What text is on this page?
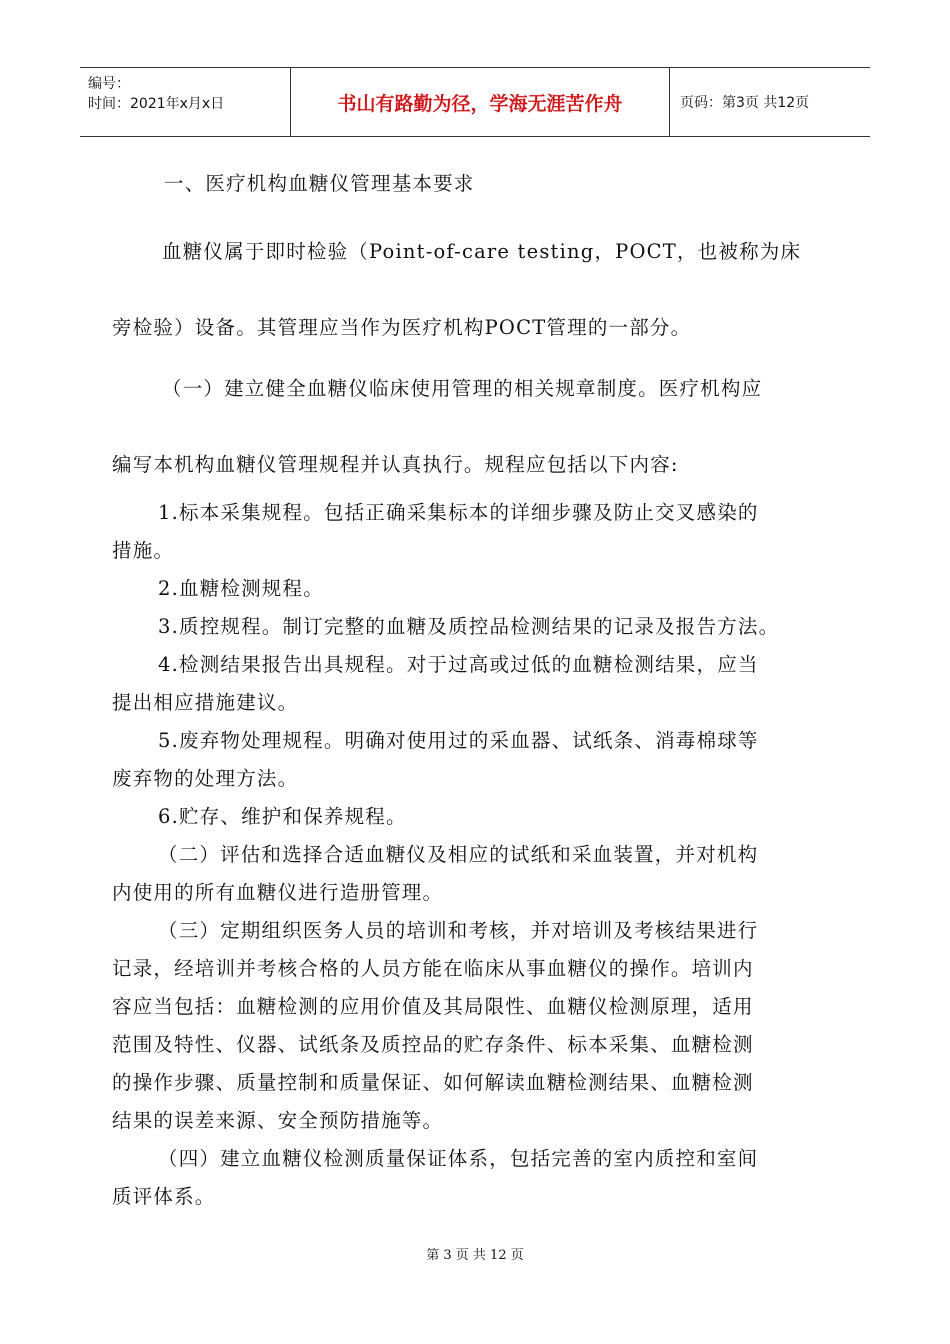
编号：
时间：2021年x月x日	书山有路勤为径，学海无涯苦作舟	页码：第3页 共12页

一、医疗机构血糖仪管理基本要求

血糖仪属于即时检验（Point-of-care testing，POCT，也被称为床

旁检验）设备。其管理应当作为医疗机构POCT管理的一部分。

（一）建立健全血糖仪临床使用管理的相关规章制度。医疗机构应

编写本机构血糖仪管理规程并认真执行。规程应包括以下内容:

1.标本采集规程。包括正确采集标本的详细步骤及防止交叉感染的

措施。

2.血糖检测规程。

3.质控规程。制订完整的血糖及质控品检测结果的记录及报告方法。

4.检测结果报告出具规程。对于过高或过低的血糖检测结果，应当

提出相应措施建议。

5.废弃物处理规程。明确对使用过的采血器、试纸条、消毒棉球等

废弃物的处理方法。

6.贮存、维护和保养规程。

（二）评估和选择合适血糖仪及相应的试纸和采血装置，并对机构

内使用的所有血糖仪进行造册管理。

（三）定期组织医务人员的培训和考核，并对培训及考核结果进行

记录，经培训并考核合格的人员方能在临床从事血糖仪的操作。培训内

容应当包括：血糖检测的应用价值及其局限性、血糖仪检测原理，适用

范围及特性、仪器、试纸条及质控品的贮存条件、标本采集、血糖检测

的操作步骤、质量控制和质量保证、如何解读血糖检测结果、血糖检测

结果的误差来源、安全预防措施等。

（四）建立血糖仪检测质量保证体系，包括完善的室内质控和室间

质评体系。

第 3 页 共 12 页
